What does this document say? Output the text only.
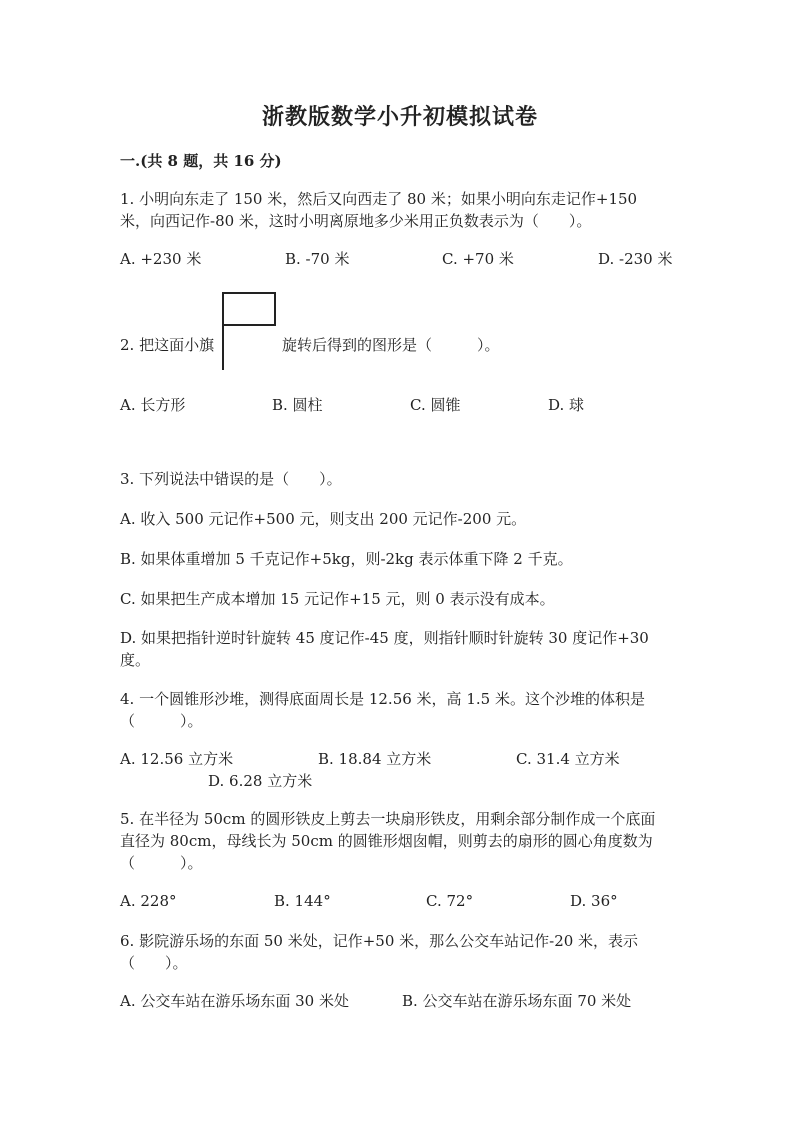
浙教版数学小升初模拟试卷
一.(共 8 题，共 16 分)
1. 小明向东走了 150 米，然后又向西走了 80 米；如果小明向东走记作+150
米，向西记作-80 米，这时小明离原地多少米用正负数表示为（　　）。
A. +230 米	B. -70 米	C. +70 米	D. -230 米
2. 把这面小旗	旋转后得到的图形是（　　　）。
A. 长方形	B. 圆柱	C. 圆锥	D. 球
3. 下列说法中错误的是（　　）。
A. 收入 500 元记作+500 元，则支出 200 元记作-200 元。
B. 如果体重增加 5 千克记作+5kg，则-2kg 表示体重下降 2 千克。
C. 如果把生产成本增加 15 元记作+15 元，则 0 表示没有成本。
D. 如果把指针逆时针旋转 45 度记作-45 度，则指针顺时针旋转 30 度记作+30
度。
4. 一个圆锥形沙堆，测得底面周长是 12.56 米，高 1.5 米。这个沙堆的体积是
（　　　）。
A. 12.56 立方米	B. 18.84 立方米	C. 31.4 立方米
D. 6.28 立方米
5. 在半径为 50cm 的圆形铁皮上剪去一块扇形铁皮，用剩余部分制作成一个底面
直径为 80cm，母线长为 50cm 的圆锥形烟囱帽，则剪去的扇形的圆心角度数为
（　　　）。
A. 228°	B. 144°	C. 72°	D. 36°
6. 影院游乐场的东面 50 米处，记作+50 米，那么公交车站记作-20 米，表示
（　　）。
A. 公交车站在游乐场东面 30 米处	B. 公交车站在游乐场东面 70 米处
